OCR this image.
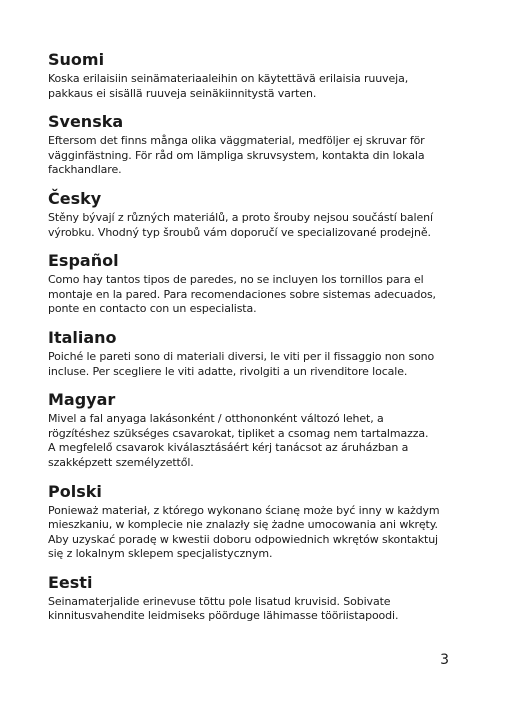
Suomi

Koska erilaisiin seinämateriaaleihin on käytettävä erilaisia ruuveja,
pakkaus ei sisällä ruuveja seinäkiinnitystä varten.

Svenska

Eftersom det finns många olika väggmaterial, medföljer ej skruvar för
vägginfästning. För råd om lämpliga skruvsystem, kontakta din lokala
fackhandlare.

Česky

Stěny bývají z různých materiálů, a proto šrouby nejsou součástí balení
výrobku. Vhodný typ šroubů vám doporučí ve specializované prodejně.

Español

Como hay tantos tipos de paredes, no se incluyen los tornillos para el
montaje en la pared. Para recomendaciones sobre sistemas adecuados,
ponte en contacto con un especialista.

Italiano

Poiché le pareti sono di materiali diversi, le viti per il fissaggio non sono
incluse. Per scegliere le viti adatte, rivolgiti a un rivenditore locale.

Magyar

Mivel a fal anyaga lakásonként / otthononként változó lehet, a
rögzítéshez szükséges csavarokat, tipliket a csomag nem tartalmazza.
A megfelelő csavarok kiválasztásáért kérj tanácsot az áruházban a
szakképzett személyzettől.

Polski

Ponieważ materiał, z którego wykonano ścianę może być inny w każdym
mieszkaniu, w komplecie nie znalazły się żadne umocowania ani wkręty.
Aby uzyskać poradę w kwestii doboru odpowiednich wkrętów skontaktuj
się z lokalnym sklepem specjalistycznym.

Eesti

Seinamaterjalide erinevuse tõttu pole lisatud kruvisid. Sobivate
kinnitusvahendite leidmiseks pöörduge lähimasse tööriistapoodi.

3
